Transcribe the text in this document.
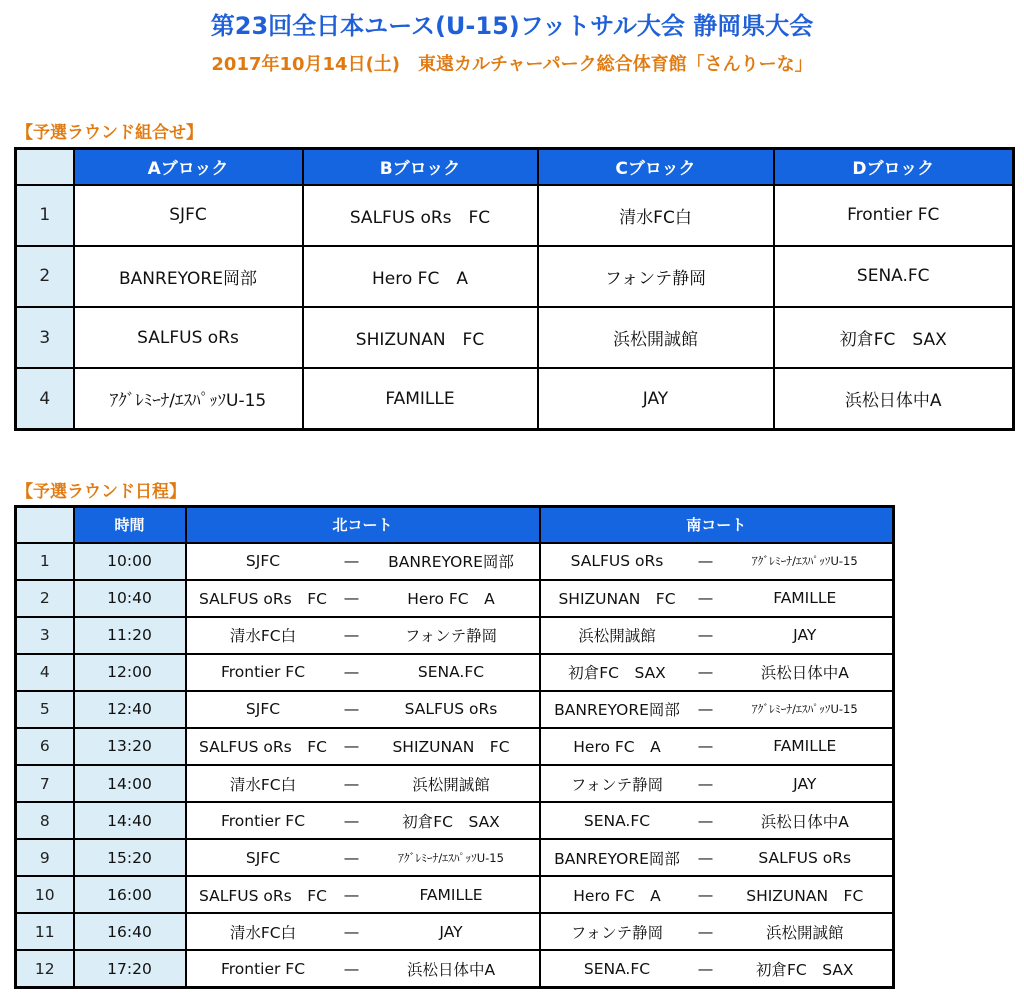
第23回全日本ユース(U-15)フットサル大会 静岡県大会
2017年10月14日(土)　東遠カルチャーパーク総合体育館「さんりーな」
【予選ラウンド組合せ】
	Aブロック	Bブロック	Cブロック	Dブロック
1	SJFC	SALFUS oRs　FC	清水FC白	Frontier FC
2	BANREYORE岡部	Hero FC　A	フォンテ静岡	SENA.FC
3	SALFUS oRs	SHIZUNAN　FC	浜松開誠館	初倉FC　SAX
4	ｱｸﾞﾚﾐｰﾅ/ｴｽﾊﾟｯｿU-15	FAMILLE	JAY	浜松日体中A
【予選ラウンド日程】
	時間	北コート			南コート		
1	10:00	SJFC	—	BANREYORE岡部	SALFUS oRs	—	ｱｸﾞﾚﾐｰﾅ/ｴｽﾊﾟｯｿU-15
2	10:40	SALFUS oRs　FC	—	Hero FC　A	SHIZUNAN　FC	—	FAMILLE
3	11:20	清水FC白	—	フォンテ静岡	浜松開誠館	—	JAY
4	12:00	Frontier FC	—	SENA.FC	初倉FC　SAX	—	浜松日体中A
5	12:40	SJFC	—	SALFUS oRs	BANREYORE岡部	—	ｱｸﾞﾚﾐｰﾅ/ｴｽﾊﾟｯｿU-15
6	13:20	SALFUS oRs　FC	—	SHIZUNAN　FC	Hero FC　A	—	FAMILLE
7	14:00	清水FC白	—	浜松開誠館	フォンテ静岡	—	JAY
8	14:40	Frontier FC	—	初倉FC　SAX	SENA.FC	—	浜松日体中A
9	15:20	SJFC	—	ｱｸﾞﾚﾐｰﾅ/ｴｽﾊﾟｯｿU-15	BANREYORE岡部	—	SALFUS oRs
10	16:00	SALFUS oRs　FC	—	FAMILLE	Hero FC　A	—	SHIZUNAN　FC
11	16:40	清水FC白	—	JAY	フォンテ静岡	—	浜松開誠館
12	17:20	Frontier FC	—	浜松日体中A	SENA.FC	—	初倉FC　SAX
